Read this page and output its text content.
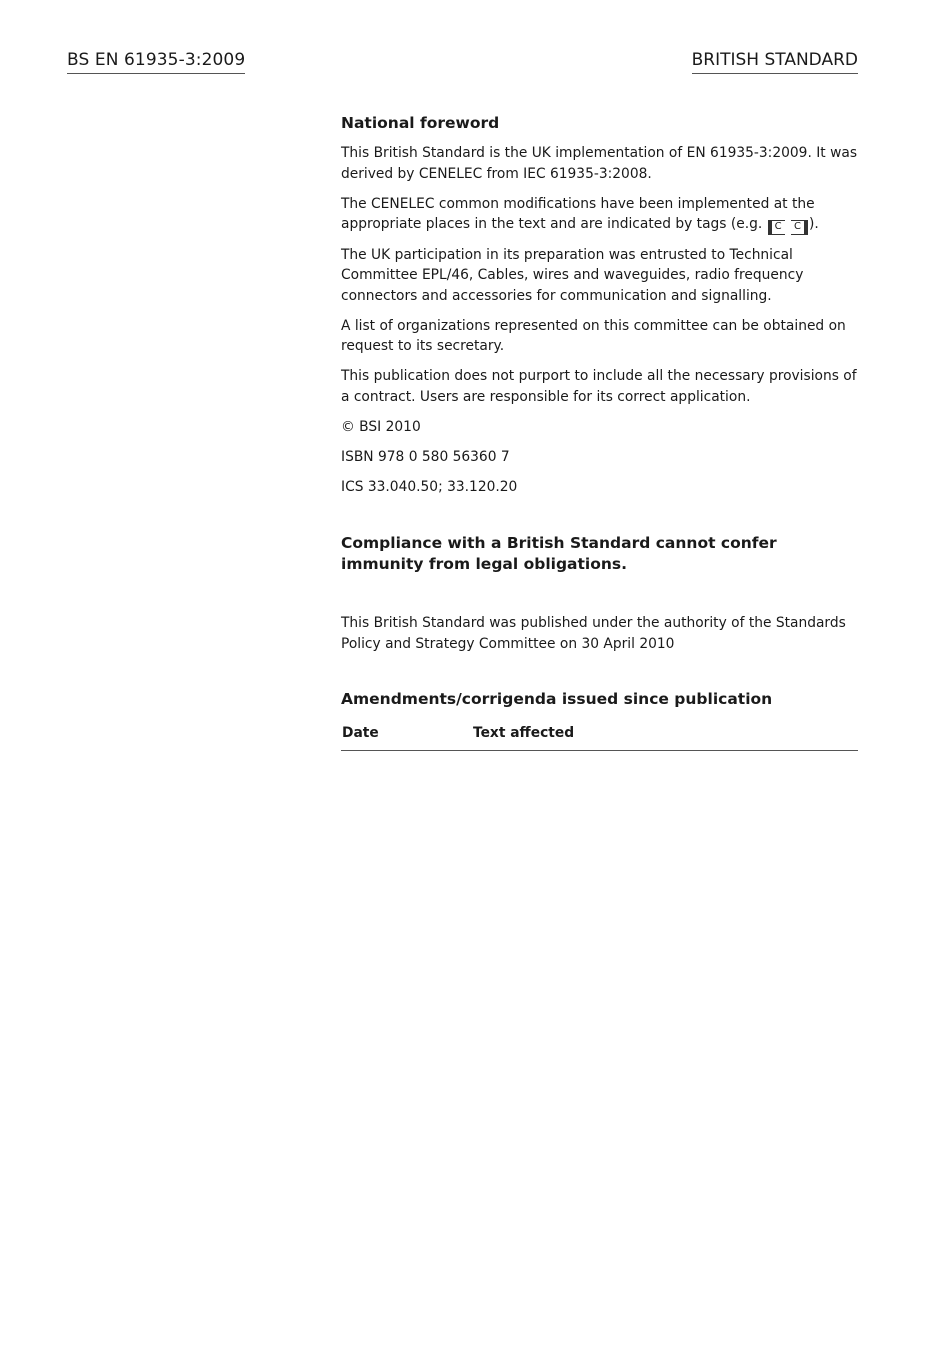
BS EN 61935-3:2009	BRITISH STANDARD
National foreword

This British Standard is the UK implementation of EN 61935-3:2009. It was derived by CENELEC from IEC 61935-3:2008.

The CENELEC common modifications have been implemented at the appropriate places in the text and are indicated by tags (e.g. C C ).

The UK participation in its preparation was entrusted to Technical Committee EPL/46, Cables, wires and waveguides, radio frequency connectors and accessories for communication and signalling.

A list of organizations represented on this committee can be obtained on request to its secretary.

This publication does not purport to include all the necessary provisions of a contract. Users are responsible for its correct application.

© BSI 2010

ISBN 978 0 580 56360 7

ICS 33.040.50; 33.120.20

Compliance with a British Standard cannot confer immunity from legal obligations.
This British Standard was published under the authority of the Standards Policy and Strategy Committee on 30 April 2010
Amendments/corrigenda issued since publication
Date	Text affected
